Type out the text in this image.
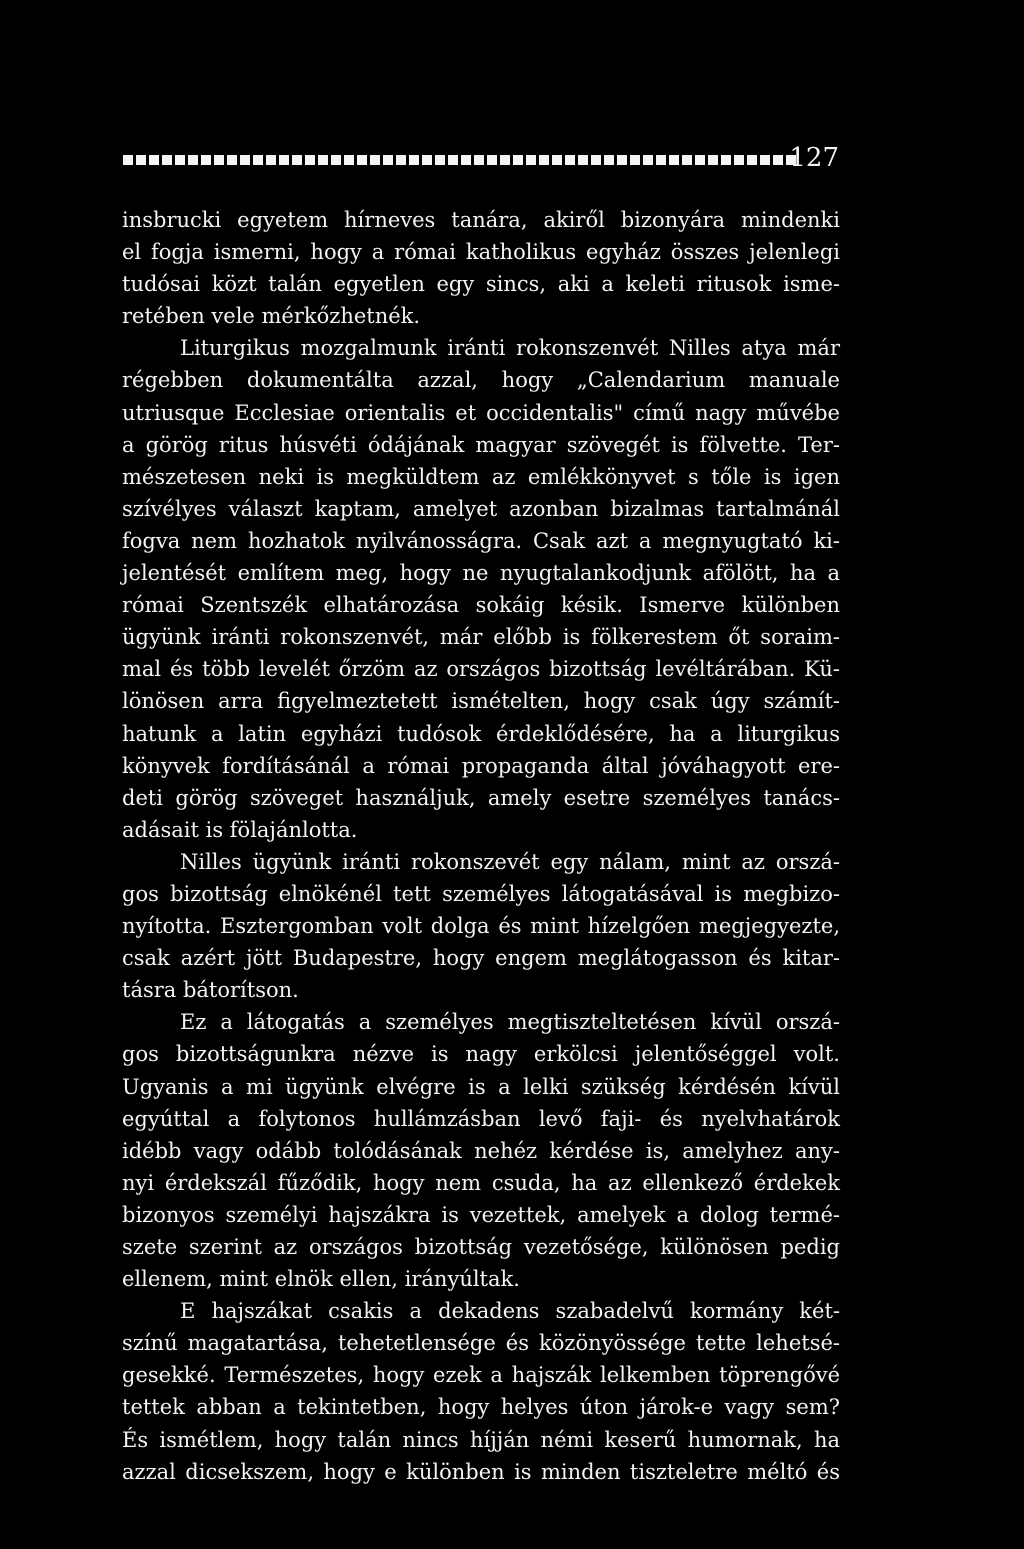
127
insbrucki egyetem hírneves tanára, akiről bizonyára mindenki
el fogja ismerni, hogy a római katholikus egyház összes jelenlegi
tudósai közt talán egyetlen egy sincs, aki a keleti ritusok isme-
retében vele mérkőzhetnék.
Liturgikus mozgalmunk iránti rokonszenvét Nilles atya már
régebben dokumentálta azzal, hogy „Calendarium manuale
utriusque Ecclesiae orientalis et occidentalis" című nagy művébe
a görög ritus húsvéti ódájának magyar szövegét is fölvette. Ter-
mészetesen neki is megküldtem az emlékkönyvet s tőle is igen
szívélyes választ kaptam, amelyet azonban bizalmas tartalmánál
fogva nem hozhatok nyilvánosságra. Csak azt a megnyugtató ki-
jelentését említem meg, hogy ne nyugtalankodjunk afölött, ha a
római Szentszék elhatározása sokáig késik. Ismerve különben
ügyünk iránti rokonszenvét, már előbb is fölkerestem őt soraim-
mal és több levelét őrzöm az országos bizottság levéltárában. Kü-
lönösen arra figyelmeztetett ismételten, hogy csak úgy számít-
hatunk a latin egyházi tudósok érdeklődésére, ha a liturgikus
könyvek fordításánál a római propaganda által jóváhagyott ere-
deti görög szöveget használjuk, amely esetre személyes tanács-
adásait is fölajánlotta.
Nilles ügyünk iránti rokonszevét egy nálam, mint az orszá-
gos bizottság elnökénél tett személyes látogatásával is megbizo-
nyította. Esztergomban volt dolga és mint hízelgően megjegyezte,
csak azért jött Budapestre, hogy engem meglátogasson és kitar-
tásra bátorítson.
Ez a látogatás a személyes megtiszteltetésen kívül orszá-
gos bizottságunkra nézve is nagy erkölcsi jelentőséggel volt.
Ugyanis a mi ügyünk elvégre is a lelki szükség kérdésén kívül
egyúttal a folytonos hullámzásban levő faji- és nyelvhatárok
idébb vagy odább tolódásának nehéz kérdése is, amelyhez any-
nyi érdekszál fűződik, hogy nem csuda, ha az ellenkező érdekek
bizonyos személyi hajszákra is vezettek, amelyek a dolog termé-
szete szerint az országos bizottság vezetősége, különösen pedig
ellenem, mint elnök ellen, irányúltak.
E hajszákat csakis a dekadens szabadelvű kormány két-
színű magatartása, tehetetlensége és közönyössége tette lehetsé-
gesekké. Természetes, hogy ezek a hajszák lelkemben töprengővé
tettek abban a tekintetben, hogy helyes úton járok-e vagy sem?
És ismétlem, hogy talán nincs híjján némi keserű humornak, ha
azzal dicsekszem, hogy e különben is minden tiszteletre méltó és
